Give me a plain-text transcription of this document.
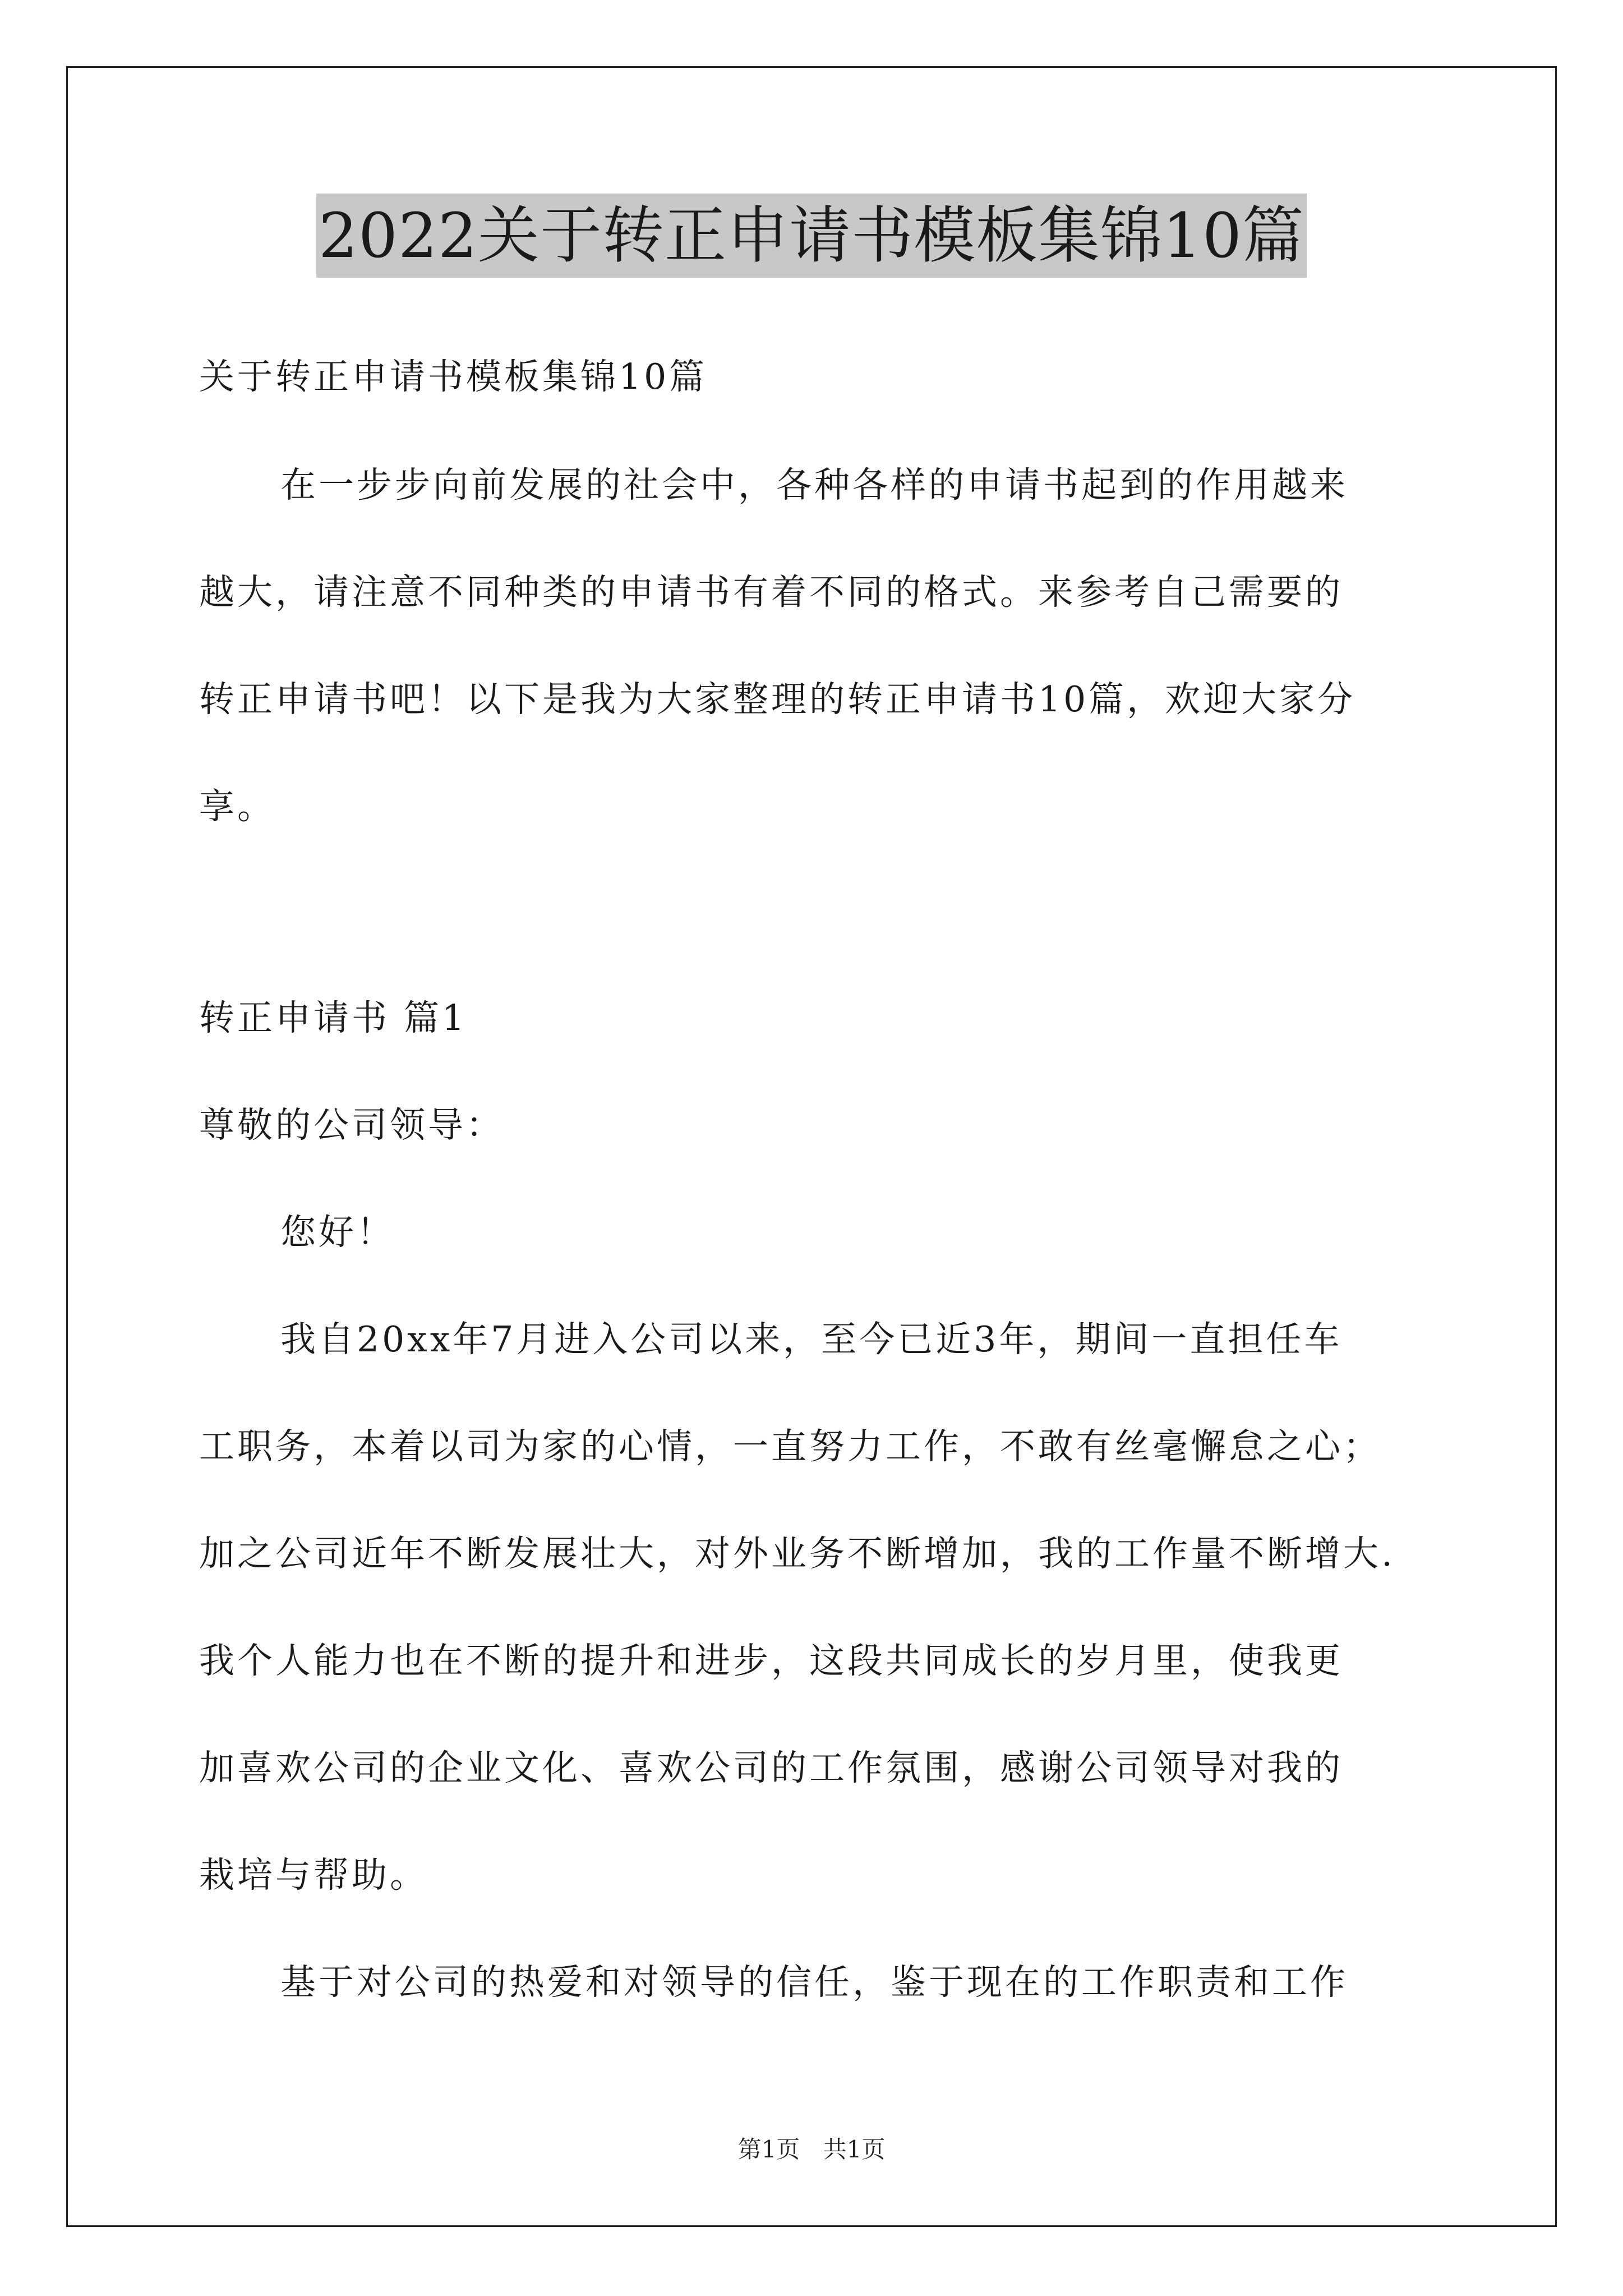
2022关于转正申请书模板集锦10篇
关于转正申请书模板集锦10篇
在一步步向前发展的社会中，各种各样的申请书起到的作用越来
越大，请注意不同种类的申请书有着不同的格式。来参考自己需要的
转正申请书吧！以下是我为大家整理的转正申请书10篇，欢迎大家分
享。
转正申请书 篇1
尊敬的公司领导：
您好！
我自20xx年7月进入公司以来，至今已近3年，期间一直担任车
工职务，本着以司为家的心情，一直努力工作，不敢有丝毫懈怠之心；
加之公司近年不断发展壮大，对外业务不断增加，我的工作量不断增大.
我个人能力也在不断的提升和进步，这段共同成长的岁月里，使我更
加喜欢公司的企业文化、喜欢公司的工作氛围，感谢公司领导对我的
栽培与帮助。
基于对公司的热爱和对领导的信任，鉴于现在的工作职责和工作
第1页 共1页
